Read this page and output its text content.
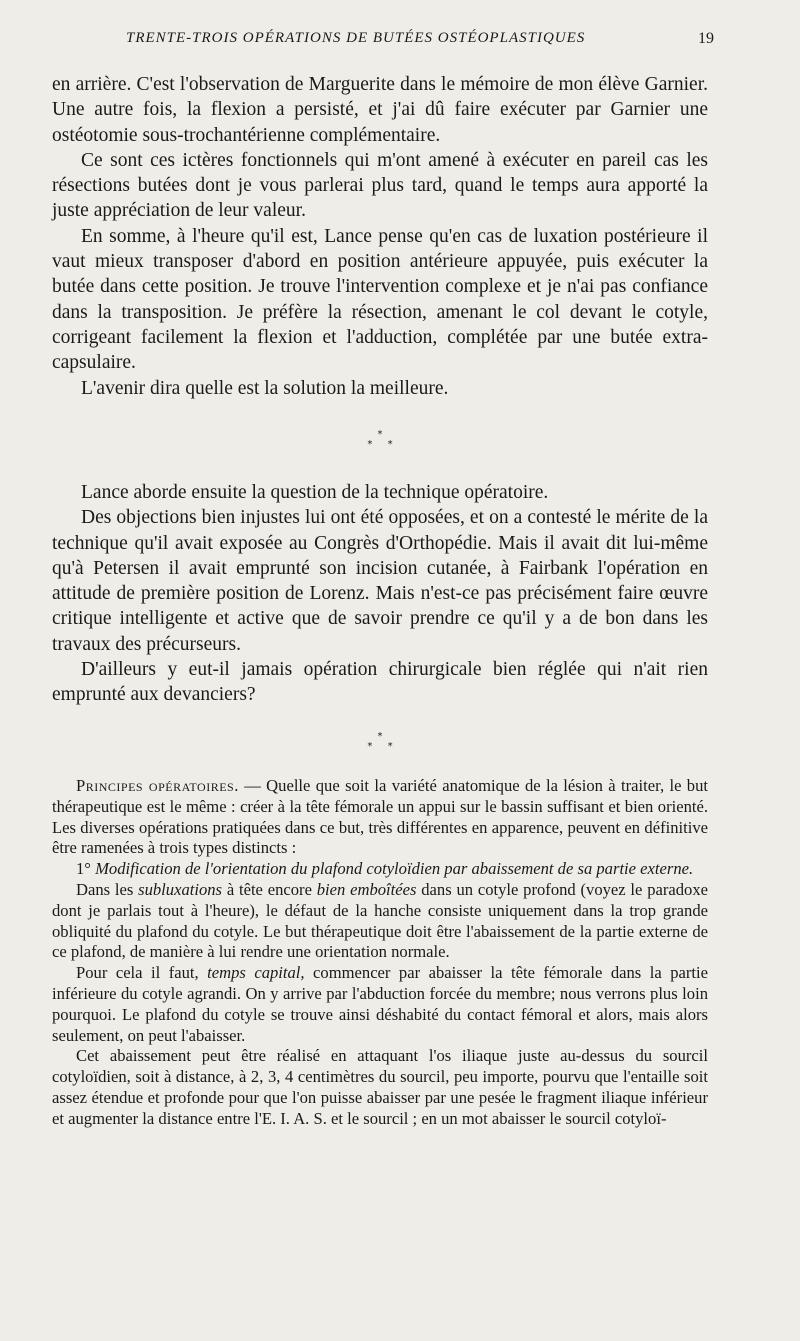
TRENTE-TROIS OPÉRATIONS DE BUTÉES OSTÉOPLASTIQUES	19

en arrière. C'est l'observation de Marguerite dans le mémoire de mon élève Garnier. Une autre fois, la flexion a persisté, et j'ai dû faire exécuter par Garnier une ostéotomie sous-trochantérienne complémentaire.

Ce sont ces ictères fonctionnels qui m'ont amené à exécuter en pareil cas les résections butées dont je vous parlerai plus tard, quand le temps aura apporté la juste appréciation de leur valeur.

En somme, à l'heure qu'il est, Lance pense qu'en cas de luxation postérieure il vaut mieux transposer d'abord en position antérieure appuyée, puis exécuter la butée dans cette position. Je trouve l'intervention complexe et je n'ai pas confiance dans la transposition. Je préfère la résection, amenant le col devant le cotyle, corrigeant facilement la flexion et l'adduction, complétée par une butée extra-capsulaire.

L'avenir dira quelle est la solution la meilleure.

*
* *

Lance aborde ensuite la question de la technique opératoire.

Des objections bien injustes lui ont été opposées, et on a contesté le mérite de la technique qu'il avait exposée au Congrès d'Orthopédie. Mais il avait dit lui-même qu'à Petersen il avait emprunté son incision cutanée, à Fairbank l'opération en attitude de première position de Lorenz. Mais n'est-ce pas précisément faire œuvre critique intelligente et active que de savoir prendre ce qu'il y a de bon dans les travaux des précurseurs.

D'ailleurs y eut-il jamais opération chirurgicale bien réglée qui n'ait rien emprunté aux devanciers?

*
* *

Principes opératoires. — Quelle que soit la variété anatomique de la lésion à traiter, le but thérapeutique est le même : créer à la tête fémorale un appui sur le bassin suffisant et bien orienté. Les diverses opérations pratiquées dans ce but, très différentes en apparence, peuvent en définitive être ramenées à trois types distincts :

1° Modification de l'orientation du plafond cotyloïdien par abaissement de sa partie externe.

Dans les subluxations à tête encore bien emboîtées dans un cotyle profond (voyez le paradoxe dont je parlais tout à l'heure), le défaut de la hanche consiste uniquement dans la trop grande obliquité du plafond du cotyle. Le but thérapeutique doit être l'abaissement de la partie externe de ce plafond, de manière à lui rendre une orientation normale.

Pour cela il faut, temps capital, commencer par abaisser la tête fémorale dans la partie inférieure du cotyle agrandi. On y arrive par l'abduction forcée du membre; nous verrons plus loin pourquoi. Le plafond du cotyle se trouve ainsi déshabité du contact fémoral et alors, mais alors seulement, on peut l'abaisser.

Cet abaissement peut être réalisé en attaquant l'os iliaque juste au-dessus du sourcil cotyloïdien, soit à distance, à 2, 3, 4 centimètres du sourcil, peu importe, pourvu que l'entaille soit assez étendue et profonde pour que l'on puisse abaisser par une pesée le fragment iliaque inférieur et augmenter la distance entre l'E. I. A. S. et le sourcil ; en un mot abaisser le sourcil cotyloï-
